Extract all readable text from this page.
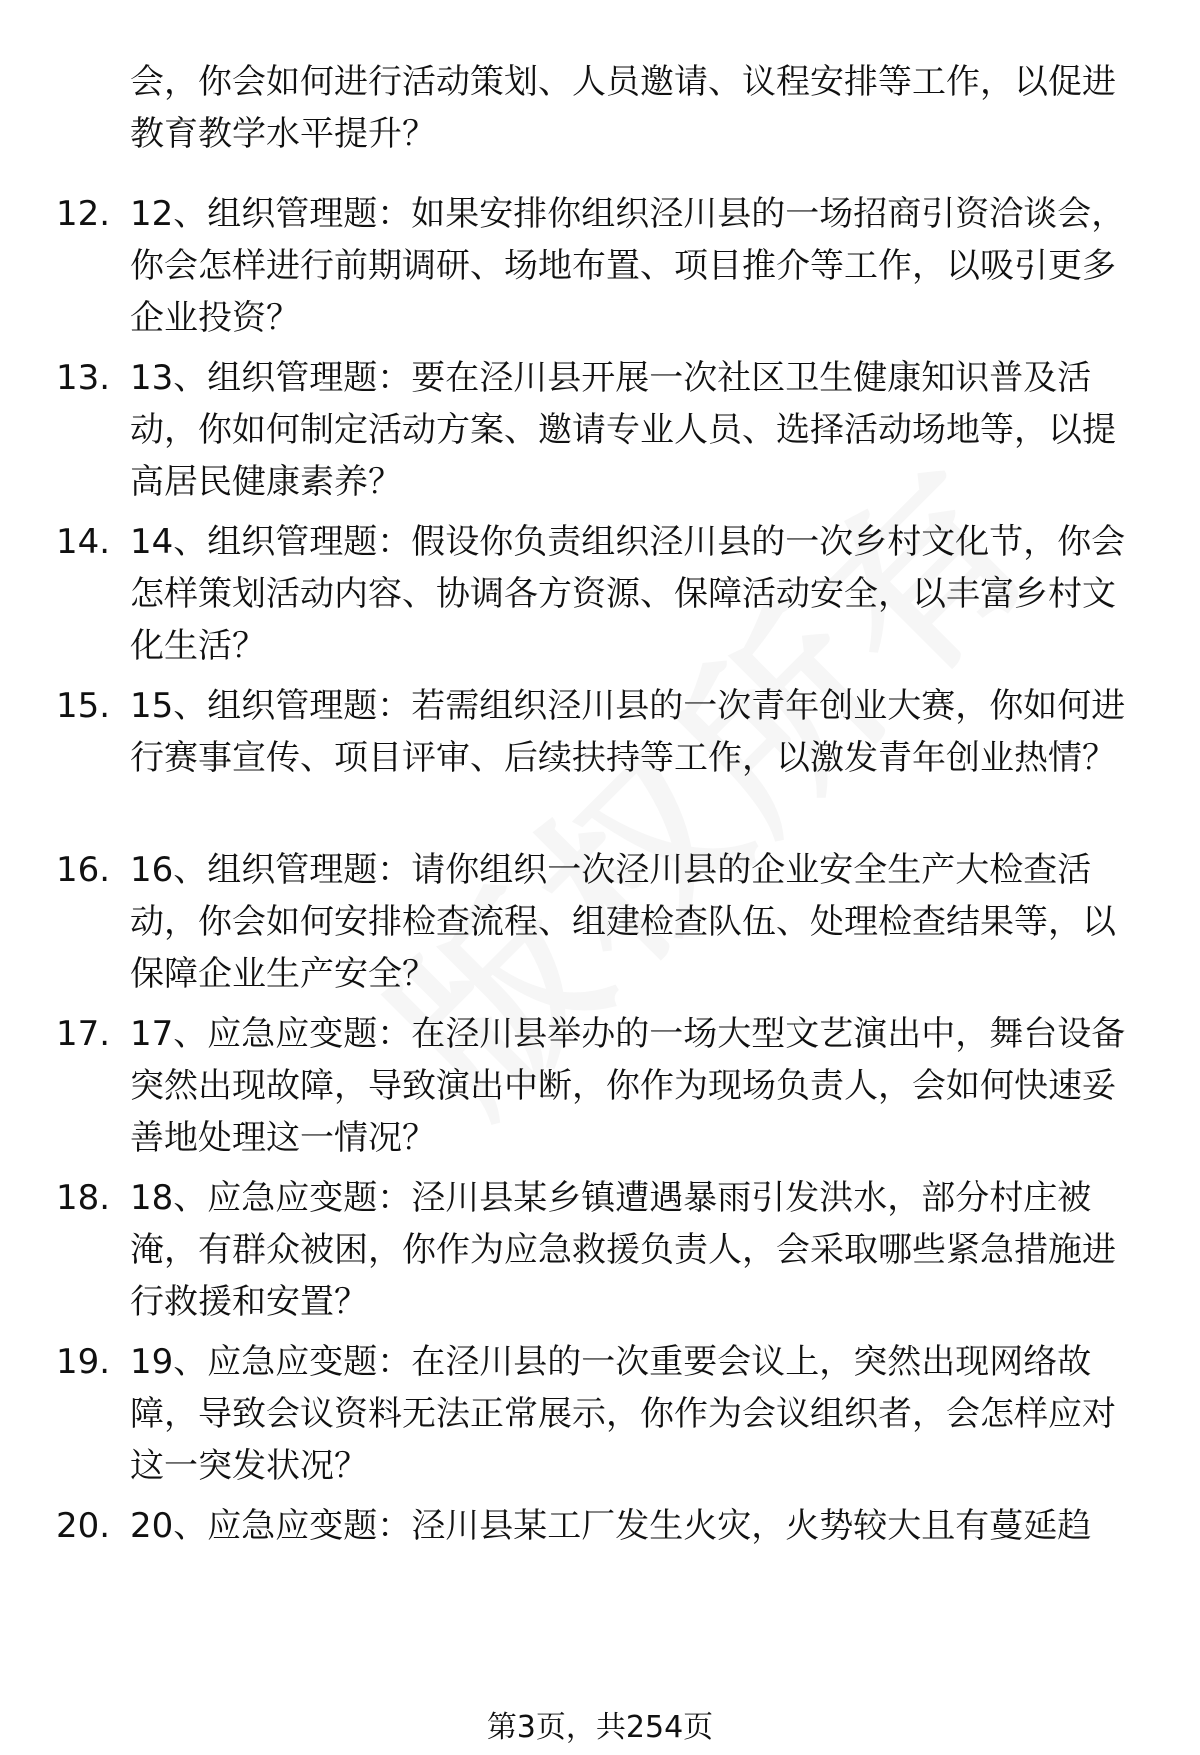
会，你会如何进行活动策划、人员邀请、议程安排等工作，以促进教育教学水平提升？
12. 12、组织管理题：如果安排你组织泾川县的一场招商引资洽谈会，你会怎样进行前期调研、场地布置、项目推介等工作，以吸引更多企业投资？
13. 13、组织管理题：要在泾川县开展一次社区卫生健康知识普及活动，你如何制定活动方案、邀请专业人员、选择活动场地等，以提高居民健康素养？
14. 14、组织管理题：假设你负责组织泾川县的一次乡村文化节，你会怎样策划活动内容、协调各方资源、保障活动安全，以丰富乡村文化生活？
15. 15、组织管理题：若需组织泾川县的一次青年创业大赛，你如何进行赛事宣传、项目评审、后续扶持等工作，以激发青年创业热情？
16. 16、组织管理题：请你组织一次泾川县的企业安全生产大检查活动，你会如何安排检查流程、组建检查队伍、处理检查结果等，以保障企业生产安全？
17. 17、应急应变题：在泾川县举办的一场大型文艺演出中，舞台设备突然出现故障，导致演出中断，你作为现场负责人，会如何快速妥善地处理这一情况？
18. 18、应急应变题：泾川县某乡镇遭遇暴雨引发洪水，部分村庄被淹，有群众被困，你作为应急救援负责人，会采取哪些紧急措施进行救援和安置？
19. 19、应急应变题：在泾川县的一次重要会议上，突然出现网络故障，导致会议资料无法正常展示，你作为会议组织者，会怎样应对这一突发状况？
20. 20、应急应变题：泾川县某工厂发生火灾，火势较大且有蔓延趋
第3页，共254页
